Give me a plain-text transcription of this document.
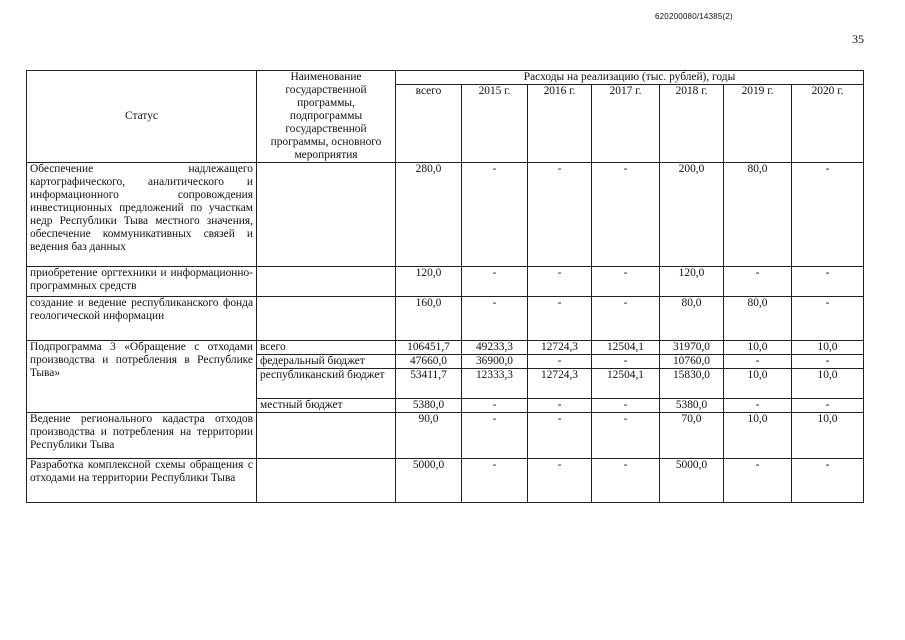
620200080/14385(2)
35
Статус	Наименование государственной программы, подпрограммы государственной программы, основного мероприятия	Расходы на реализацию (тыс. рублей), годы						
		всего	2015 г.	2016 г.	2017 г.	2018 г.	2019 г.	2020 г.
Обеспечение надлежащего картографического, аналитического и информационного сопровождения инвестиционных предложений по участкам недр Республики Тыва местного значения, обеспечение коммуникативных связей и ведения баз данных		280,0	-	-	-	200,0	80,0	-
приобретение оргтехники и информационно-программных средств		120,0	-	-	-	120,0	-	-
создание и ведение республиканского фонда геологической информации		160,0	-	-	-	80,0	80,0	-
Подпрограмма 3 «Обращение с отходами производства и потребления в Республике Тыва»	всего	106451,7	49233,3	12724,3	12504,1	31970,0	10,0	10,0
	федеральный бюджет	47660,0	36900,0	-	-	10760,0	-	-
	республиканский бюджет	53411,7	12333,3	12724,3	12504,1	15830,0	10,0	10,0
	местный бюджет	5380,0	-	-	-	5380,0	-	-
Ведение регионального кадастра отходов производства и потребления на территории Республики Тыва		90,0	-	-	-	70,0	10,0	10,0
Разработка комплексной схемы обращения с отходами на территории Республики Тыва		5000,0	-	-	-	5000,0	-	-
